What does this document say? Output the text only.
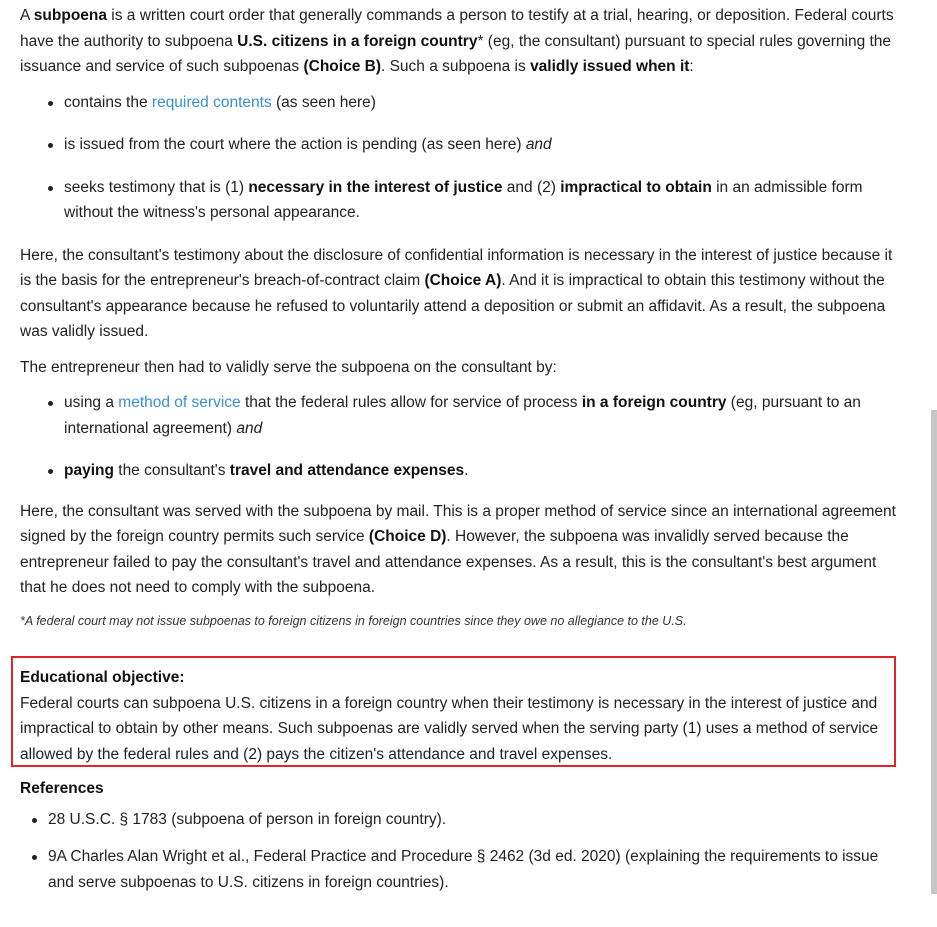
A subpoena is a written court order that generally commands a person to testify at a trial, hearing, or deposition. Federal courts have the authority to subpoena U.S. citizens in a foreign country* (eg, the consultant) pursuant to special rules governing the issuance and service of such subpoenas (Choice B). Such a subpoena is validly issued when it:

contains the required contents (as seen here)
is issued from the court where the action is pending (as seen here) and
seeks testimony that is (1) necessary in the interest of justice and (2) impractical to obtain in an admissible form without the witness's personal appearance.

Here, the consultant's testimony about the disclosure of confidential information is necessary in the interest of justice because it is the basis for the entrepreneur's breach-of-contract claim (Choice A). And it is impractical to obtain this testimony without the consultant's appearance because he refused to voluntarily attend a deposition or submit an affidavit. As a result, the subpoena was validly issued.

The entrepreneur then had to validly serve the subpoena on the consultant by:

using a method of service that the federal rules allow for service of process in a foreign country (eg, pursuant to an international agreement) and
paying the consultant's travel and attendance expenses.

Here, the consultant was served with the subpoena by mail. This is a proper method of service since an international agreement signed by the foreign country permits such service (Choice D). However, the subpoena was invalidly served because the entrepreneur failed to pay the consultant's travel and attendance expenses. As a result, this is the consultant's best argument that he does not need to comply with the subpoena.

*A federal court may not issue subpoenas to foreign citizens in foreign countries since they owe no allegiance to the U.S.

Educational objective:
Federal courts can subpoena U.S. citizens in a foreign country when their testimony is necessary in the interest of justice and impractical to obtain by other means. Such subpoenas are validly served when the serving party (1) uses a method of service allowed by the federal rules and (2) pays the citizen's attendance and travel expenses.
References
28 U.S.C. § 1783 (subpoena of person in foreign country).
9A Charles Alan Wright et al., Federal Practice and Procedure § 2462 (3d ed. 2020) (explaining the requirements to issue and serve subpoenas to U.S. citizens in foreign countries).
